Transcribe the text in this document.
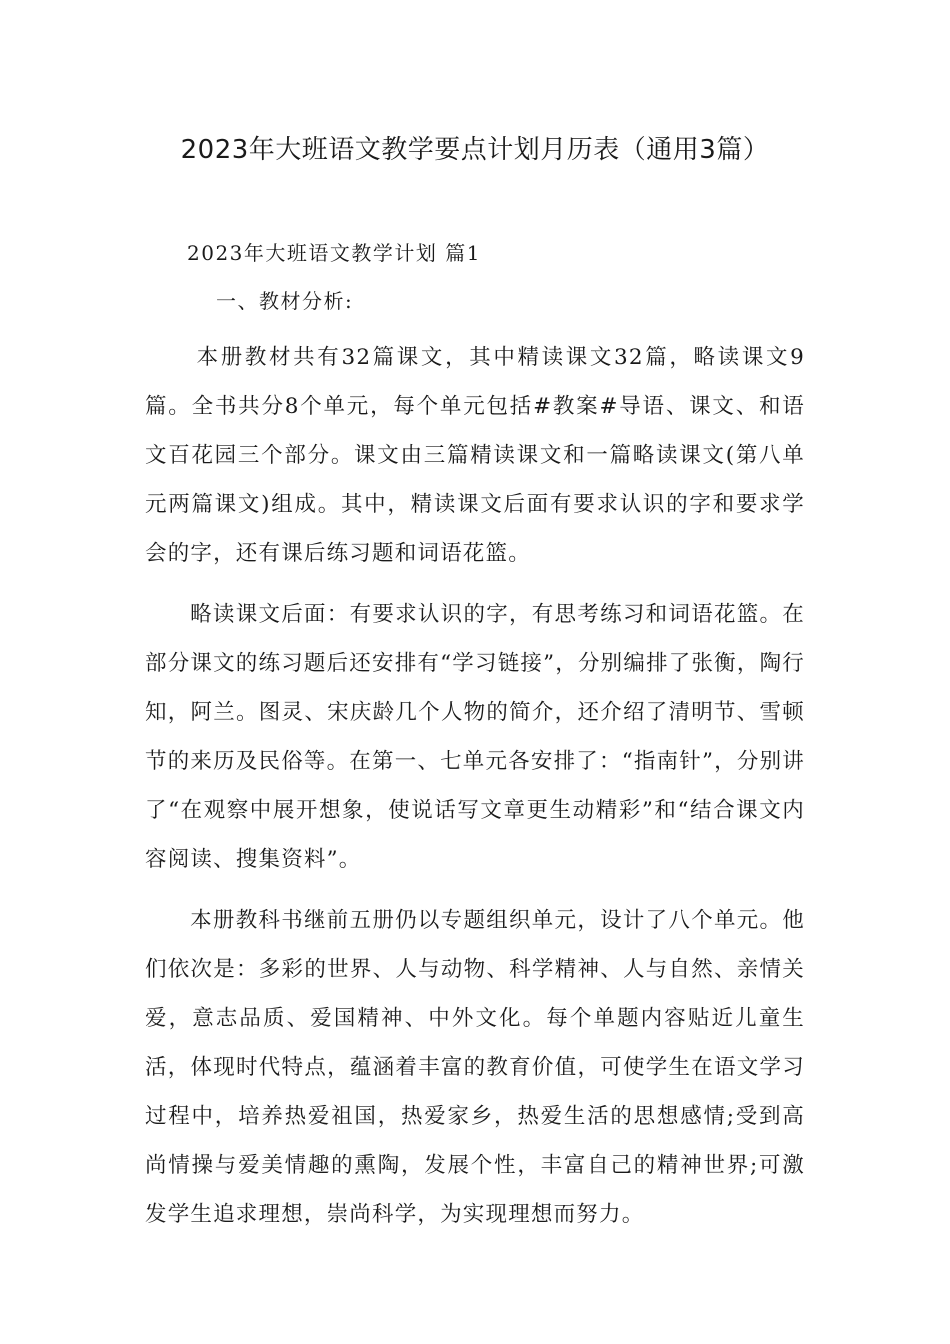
2023年大班语文教学要点计划月历表（通用3篇）

2023年大班语文教学计划 篇1

一、教材分析:

本册教材共有32篇课文，其中精读课文32篇，略读课文9篇。全书共分8个单元，每个单元包括#教案#导语、课文、和语文百花园三个部分。课文由三篇精读课文和一篇略读课文(第八单元两篇课文)组成。其中，精读课文后面有要求认识的字和要求学会的字，还有课后练习题和词语花篮。

略读课文后面：有要求认识的字，有思考练习和词语花篮。在部分课文的练习题后还安排有“学习链接”，分别编排了张衡，陶行知，阿兰。图灵、宋庆龄几个人物的简介，还介绍了清明节、雪顿节的来历及民俗等。在第一、七单元各安排了：“指南针”，分别讲了“在观察中展开想象，使说话写文章更生动精彩”和“结合课文内容阅读、搜集资料”。

本册教科书继前五册仍以专题组织单元，设计了八个单元。他们依次是：多彩的世界、人与动物、科学精神、人与自然、亲情关爱，意志品质、爱国精神、中外文化。每个单题内容贴近儿童生活，体现时代特点，蕴涵着丰富的教育价值，可使学生在语文学习过程中，培养热爱祖国，热爱家乡，热爱生活的思想感情;受到高尚情操与爱美情趣的熏陶，发展个性，丰富自己的精神世界;可激发学生追求理想，崇尚科学，为实现理想而努力。
